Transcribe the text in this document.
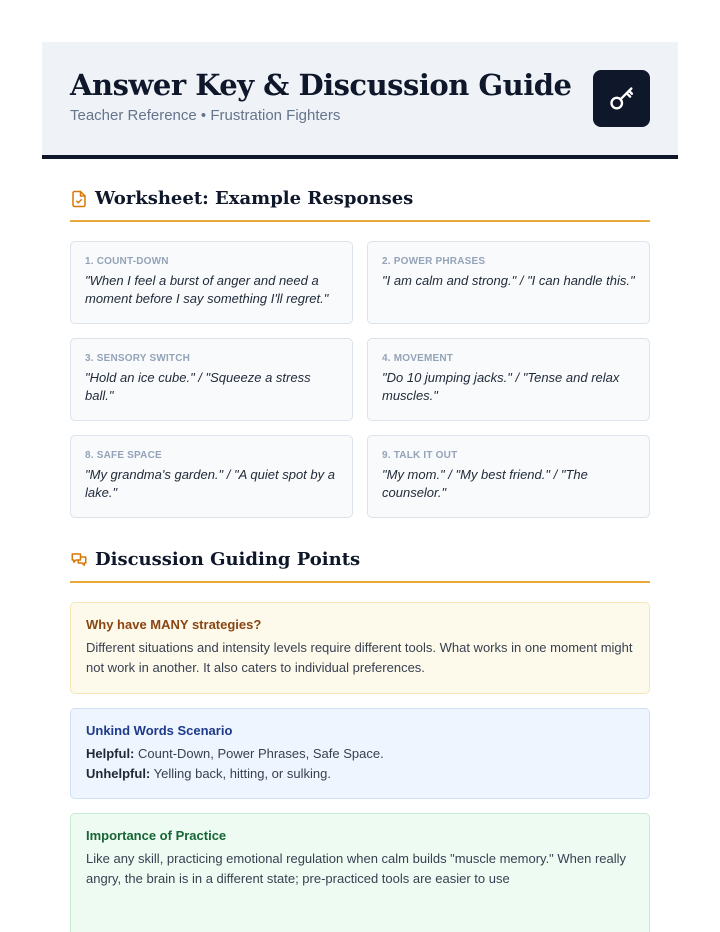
Answer Key & Discussion Guide
Teacher Reference • Frustration Fighters
Worksheet: Example Responses
1. COUNT-DOWN
"When I feel a burst of anger and need a moment before I say something I'll regret."
2. POWER PHRASES
"I am calm and strong." / "I can handle this."
3. SENSORY SWITCH
"Hold an ice cube." / "Squeeze a stress ball."
4. MOVEMENT
"Do 10 jumping jacks." / "Tense and relax muscles."
8. SAFE SPACE
"My grandma's garden." / "A quiet spot by a lake."
9. TALK IT OUT
"My mom." / "My best friend." / "The counselor."
Discussion Guiding Points
Why have MANY strategies?
Different situations and intensity levels require different tools. What works in one moment might not work in another. It also caters to individual preferences.
Unkind Words Scenario
Helpful: Count-Down, Power Phrases, Safe Space.
Unhelpful: Yelling back, hitting, or sulking.
Importance of Practice
Like any skill, practicing emotional regulation when calm builds "muscle memory." When really angry, the brain is in a different state; pre-practiced tools are easier to use
